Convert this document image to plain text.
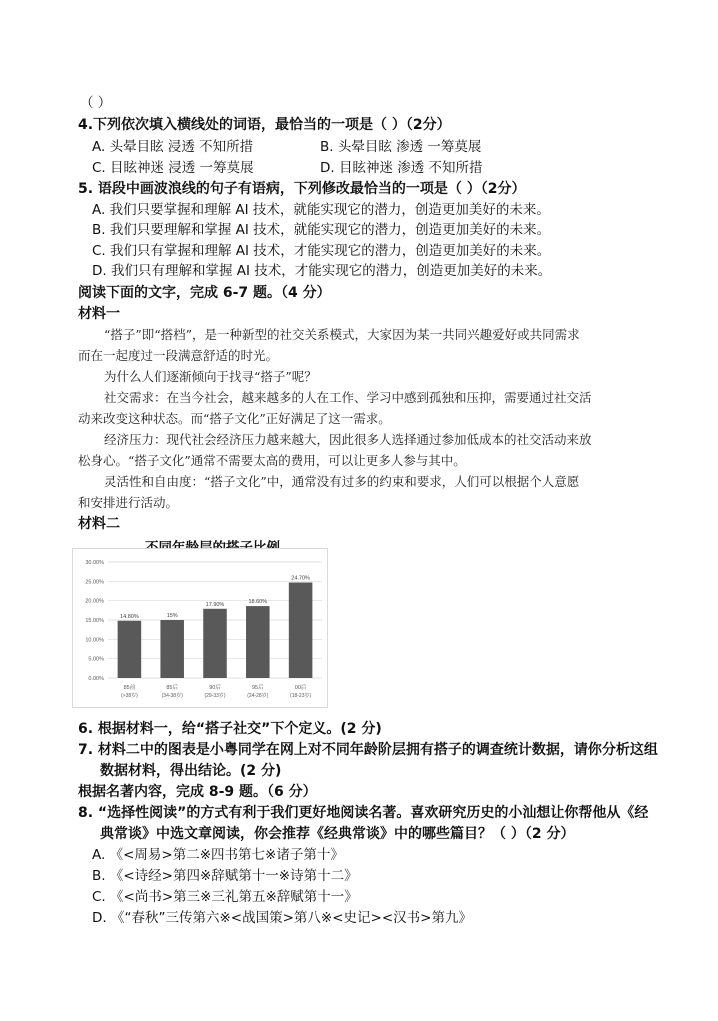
（ ）
4.下列依次填入横线处的词语，最恰当的一项是（ ）（2分）
A. 头晕目眩 浸透 不知所措	B. 头晕目眩 渗透 一筹莫展
C. 目眩神迷 浸透 一筹莫展	D. 目眩神迷 渗透 不知所措
5. 语段中画波浪线的句子有语病，下列修改最恰当的一项是（ ）（2分）
A. 我们只要掌握和理解 AI 技术，就能实现它的潜力，创造更加美好的未来。
B. 我们只要理解和掌握 AI 技术，就能实现它的潜力，创造更加美好的未来。
C. 我们只有掌握和理解 AI 技术，才能实现它的潜力，创造更加美好的未来。
D. 我们只有理解和掌握 AI 技术，才能实现它的潜力，创造更加美好的未来。
阅读下面的文字，完成 6-7 题。（4 分）
材料一
“搭子”即“搭档”，是一种新型的社交关系模式，大家因为某一共同兴趣爱好或共同需求
而在一起度过一段满意舒适的时光。
为什么人们逐渐倾向于找寻“搭子”呢？
社交需求：在当今社会，越来越多的人在工作、学习中感到孤独和压抑，需要通过社交活
动来改变这种状态。而“搭子文化”正好满足了这一需求。
经济压力：现代社会经济压力越来越大，因此很多人选择通过参加低成本的社交活动来放
松身心。“搭子文化”通常不需要太高的费用，可以让更多人参与其中。
灵活性和自由度：“搭子文化”中，通常没有过多的约束和要求，人们可以根据个人意愿
和安排进行活动。
材料二
0.00%
5.00%
10.00%
15.00%
20.00%
25.00%
30.00%
14.80%
85前
(>38岁)
15%
85后
(34-38岁)
17.90%
90后
(29-33岁)
18.60%
95后
(24-28岁)
24.70%
00后
(18-23岁)
6. 根据材料一，给“搭子社交”下个定义。(2 分)
7. 材料二中的图表是小粤同学在网上对不同年龄阶层拥有搭子的调查统计数据，请你分析这组
数据材料，得出结论。(2 分)
根据名著内容，完成 8-9 题。（6 分）
8. “选择性阅读”的方式有利于我们更好地阅读名著。喜欢研究历史的小汕想让你帮他从《经
典常谈》中选文章阅读，你会推荐《经典常谈》中的哪些篇目？（ ）（2 分）
A. 《<周易>第二※四书第七※诸子第十》
B. 《<诗经>第四※辞赋第十一※诗第十二》
C. 《<尚书>第三※三礼第五※辞赋第十一》
D. 《“春秋”三传第六※<战国策>第八※<史记><汉书>第九》
